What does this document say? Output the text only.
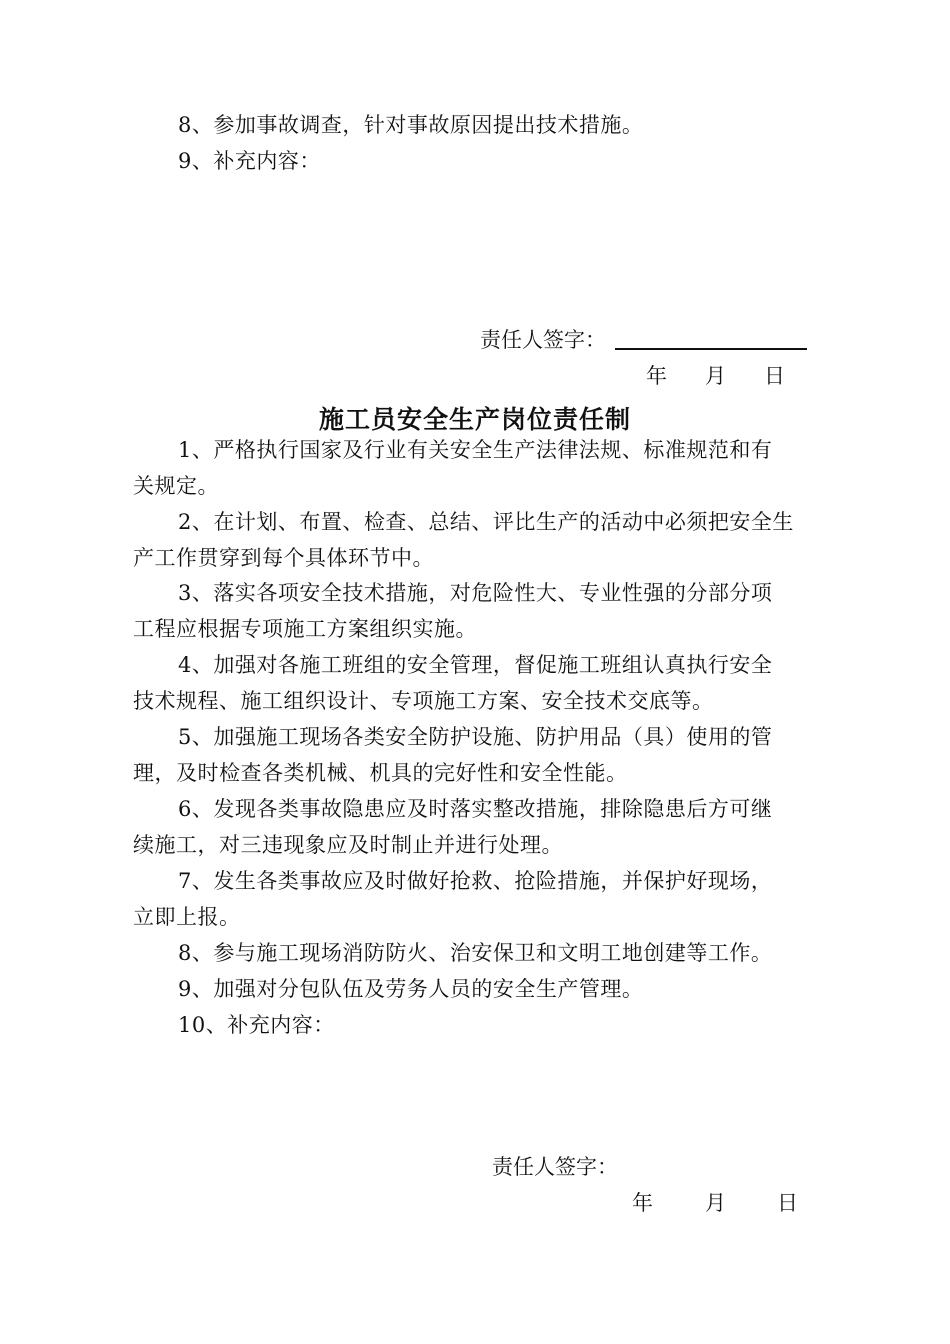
8、参加事故调查，针对事故原因提出技术措施。
9、补充内容：
责任人签字：
年 月 日
施工员安全生产岗位责任制
1、严格执行国家及行业有关安全生产法律法规、标准规范和有
关规定。
2、在计划、布置、检查、总结、评比生产的活动中必须把安全生
产工作贯穿到每个具体环节中。
3、落实各项安全技术措施，对危险性大、专业性强的分部分项
工程应根据专项施工方案组织实施。
4、加强对各施工班组的安全管理，督促施工班组认真执行安全
技术规程、施工组织设计、专项施工方案、安全技术交底等。
5、加强施工现场各类安全防护设施、防护用品（具）使用的管
理，及时检查各类机械、机具的完好性和安全性能。
6、发现各类事故隐患应及时落实整改措施，排除隐患后方可继
续施工，对三违现象应及时制止并进行处理。
7、发生各类事故应及时做好抢救、抢险措施，并保护好现场，
立即上报。
8、参与施工现场消防防火、治安保卫和文明工地创建等工作。
9、加强对分包队伍及劳务人员的安全生产管理。
10、补充内容：
责任人签字：
年 月 日
